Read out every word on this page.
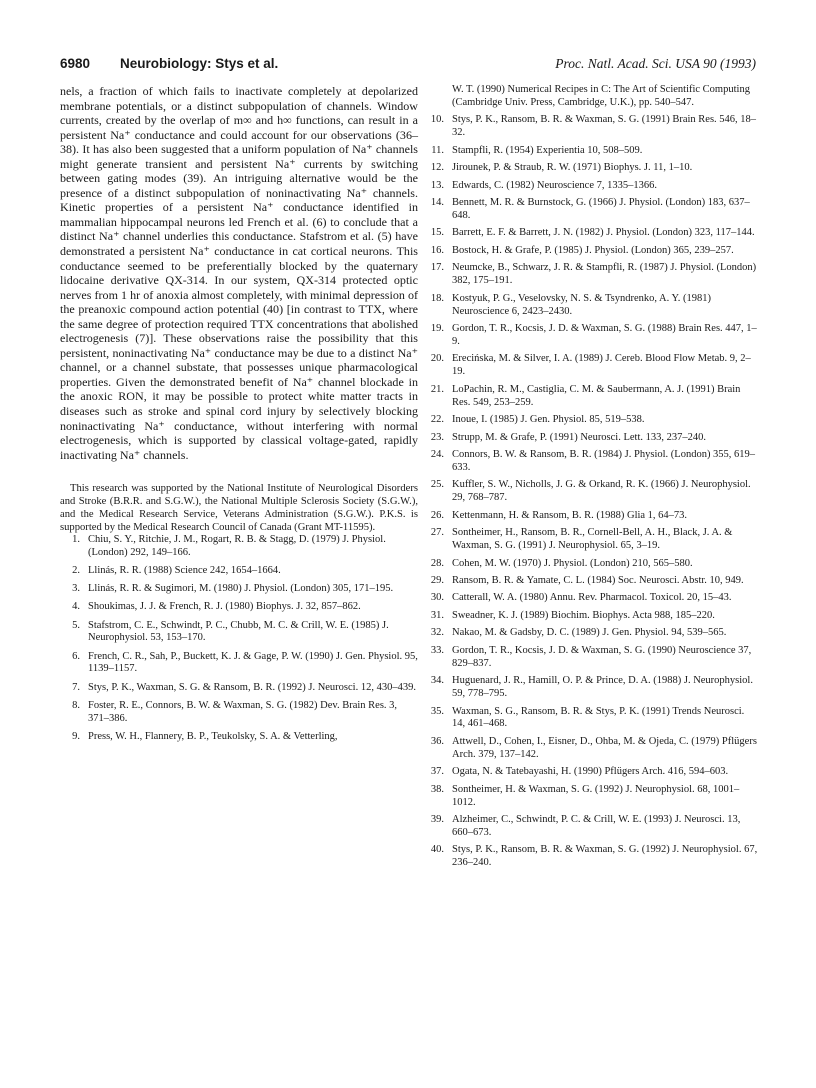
6980 Neurobiology: Stys et al.	Proc. Natl. Acad. Sci. USA 90 (1993)

nels, a fraction of which fails to inactivate completely at depolarized membrane potentials, or a distinct subpopulation of channels. Window currents, created by the overlap of m∞ and h∞ functions, can result in a persistent Na⁺ conductance and could account for our observations (36–38). It has also been suggested that a uniform population of Na⁺ channels might generate transient and persistent Na⁺ currents by switching between gating modes (39). An intriguing alternative would be the presence of a distinct subpopulation of noninactivating Na⁺ channels. Kinetic properties of a persistent Na⁺ conductance identified in mammalian hippocampal neurons led French et al. (6) to conclude that a distinct Na⁺ channel underlies this conductance. Stafstrom et al. (5) have demonstrated a persistent Na⁺ conductance in cat cortical neurons. This conductance seemed to be preferentially blocked by the quaternary lidocaine derivative QX-314. In our system, QX-314 protected optic nerves from 1 hr of anoxia almost completely, with minimal depression of the preanoxic compound action potential (40) [in contrast to TTX, where the same degree of protection required TTX concentrations that abolished electrogenesis (7)]. These observations raise the possibility that this persistent, noninactivating Na⁺ conductance may be due to a distinct Na⁺ channel, or a channel substate, that possesses unique pharmacological properties. Given the demonstrated benefit of Na⁺ channel blockade in the anoxic RON, it may be possible to protect white matter tracts in diseases such as stroke and spinal cord injury by selectively blocking noninactivating Na⁺ conductance, without interfering with normal electrogenesis, which is supported by classical voltage-gated, rapidly inactivating Na⁺ channels.

This research was supported by the National Institute of Neurological Disorders and Stroke (B.R.R. and S.G.W.), the National Multiple Sclerosis Society (S.G.W.), and the Medical Research Service, Veterans Administration (S.G.W.). P.K.S. is supported by the Medical Research Council of Canada (Grant MT-11595).

1. Chiu, S. Y., Ritchie, J. M., Rogart, R. B. & Stagg, D. (1979) J. Physiol. (London) 292, 149–166.
2. Llinás, R. R. (1988) Science 242, 1654–1664.
3. Llinás, R. R. & Sugimori, M. (1980) J. Physiol. (London) 305, 171–195.
4. Shoukimas, J. J. & French, R. J. (1980) Biophys. J. 32, 857–862.
5. Stafstrom, C. E., Schwindt, P. C., Chubb, M. C. & Crill, W. E. (1985) J. Neurophysiol. 53, 153–170.
6. French, C. R., Sah, P., Buckett, K. J. & Gage, P. W. (1990) J. Gen. Physiol. 95, 1139–1157.
7. Stys, P. K., Waxman, S. G. & Ransom, B. R. (1992) J. Neurosci. 12, 430–439.
8. Foster, R. E., Connors, B. W. & Waxman, S. G. (1982) Dev. Brain Res. 3, 371–386.
9. Press, W. H., Flannery, B. P., Teukolsky, S. A. & Vetterling,

W. T. (1990) Numerical Recipes in C: The Art of Scientific Computing (Cambridge Univ. Press, Cambridge, U.K.), pp. 540–547.

10. Stys, P. K., Ransom, B. R. & Waxman, S. G. (1991) Brain Res. 546, 18–32.
11. Stampfli, R. (1954) Experientia 10, 508–509.
12. Jirounek, P. & Straub, R. W. (1971) Biophys. J. 11, 1–10.
13. Edwards, C. (1982) Neuroscience 7, 1335–1366.
14. Bennett, M. R. & Burnstock, G. (1966) J. Physiol. (London) 183, 637–648.
15. Barrett, E. F. & Barrett, J. N. (1982) J. Physiol. (London) 323, 117–144.
16. Bostock, H. & Grafe, P. (1985) J. Physiol. (London) 365, 239–257.
17. Neumcke, B., Schwarz, J. R. & Stampfli, R. (1987) J. Physiol. (London) 382, 175–191.
18. Kostyuk, P. G., Veselovsky, N. S. & Tsyndrenko, A. Y. (1981) Neuroscience 6, 2423–2430.
19. Gordon, T. R., Kocsis, J. D. & Waxman, S. G. (1988) Brain Res. 447, 1–9.
20. Erecińska, M. & Silver, I. A. (1989) J. Cereb. Blood Flow Metab. 9, 2–19.
21. LoPachin, R. M., Castiglia, C. M. & Saubermann, A. J. (1991) Brain Res. 549, 253–259.
22. Inoue, I. (1985) J. Gen. Physiol. 85, 519–538.
23. Strupp, M. & Grafe, P. (1991) Neurosci. Lett. 133, 237–240.
24. Connors, B. W. & Ransom, B. R. (1984) J. Physiol. (London) 355, 619–633.
25. Kuffler, S. W., Nicholls, J. G. & Orkand, R. K. (1966) J. Neurophysiol. 29, 768–787.
26. Kettenmann, H. & Ransom, B. R. (1988) Glia 1, 64–73.
27. Sontheimer, H., Ransom, B. R., Cornell-Bell, A. H., Black, J. A. & Waxman, S. G. (1991) J. Neurophysiol. 65, 3–19.
28. Cohen, M. W. (1970) J. Physiol. (London) 210, 565–580.
29. Ransom, B. R. & Yamate, C. L. (1984) Soc. Neurosci. Abstr. 10, 949.
30. Catterall, W. A. (1980) Annu. Rev. Pharmacol. Toxicol. 20, 15–43.
31. Sweadner, K. J. (1989) Biochim. Biophys. Acta 988, 185–220.
32. Nakao, M. & Gadsby, D. C. (1989) J. Gen. Physiol. 94, 539–565.
33. Gordon, T. R., Kocsis, J. D. & Waxman, S. G. (1990) Neuroscience 37, 829–837.
34. Huguenard, J. R., Hamill, O. P. & Prince, D. A. (1988) J. Neurophysiol. 59, 778–795.
35. Waxman, S. G., Ransom, B. R. & Stys, P. K. (1991) Trends Neurosci. 14, 461–468.
36. Attwell, D., Cohen, I., Eisner, D., Ohba, M. & Ojeda, C. (1979) Pflügers Arch. 379, 137–142.
37. Ogata, N. & Tatebayashi, H. (1990) Pflügers Arch. 416, 594–603.
38. Sontheimer, H. & Waxman, S. G. (1992) J. Neurophysiol. 68, 1001–1012.
39. Alzheimer, C., Schwindt, P. C. & Crill, W. E. (1993) J. Neurosci. 13, 660–673.
40. Stys, P. K., Ransom, B. R. & Waxman, S. G. (1992) J. Neurophysiol. 67, 236–240.
